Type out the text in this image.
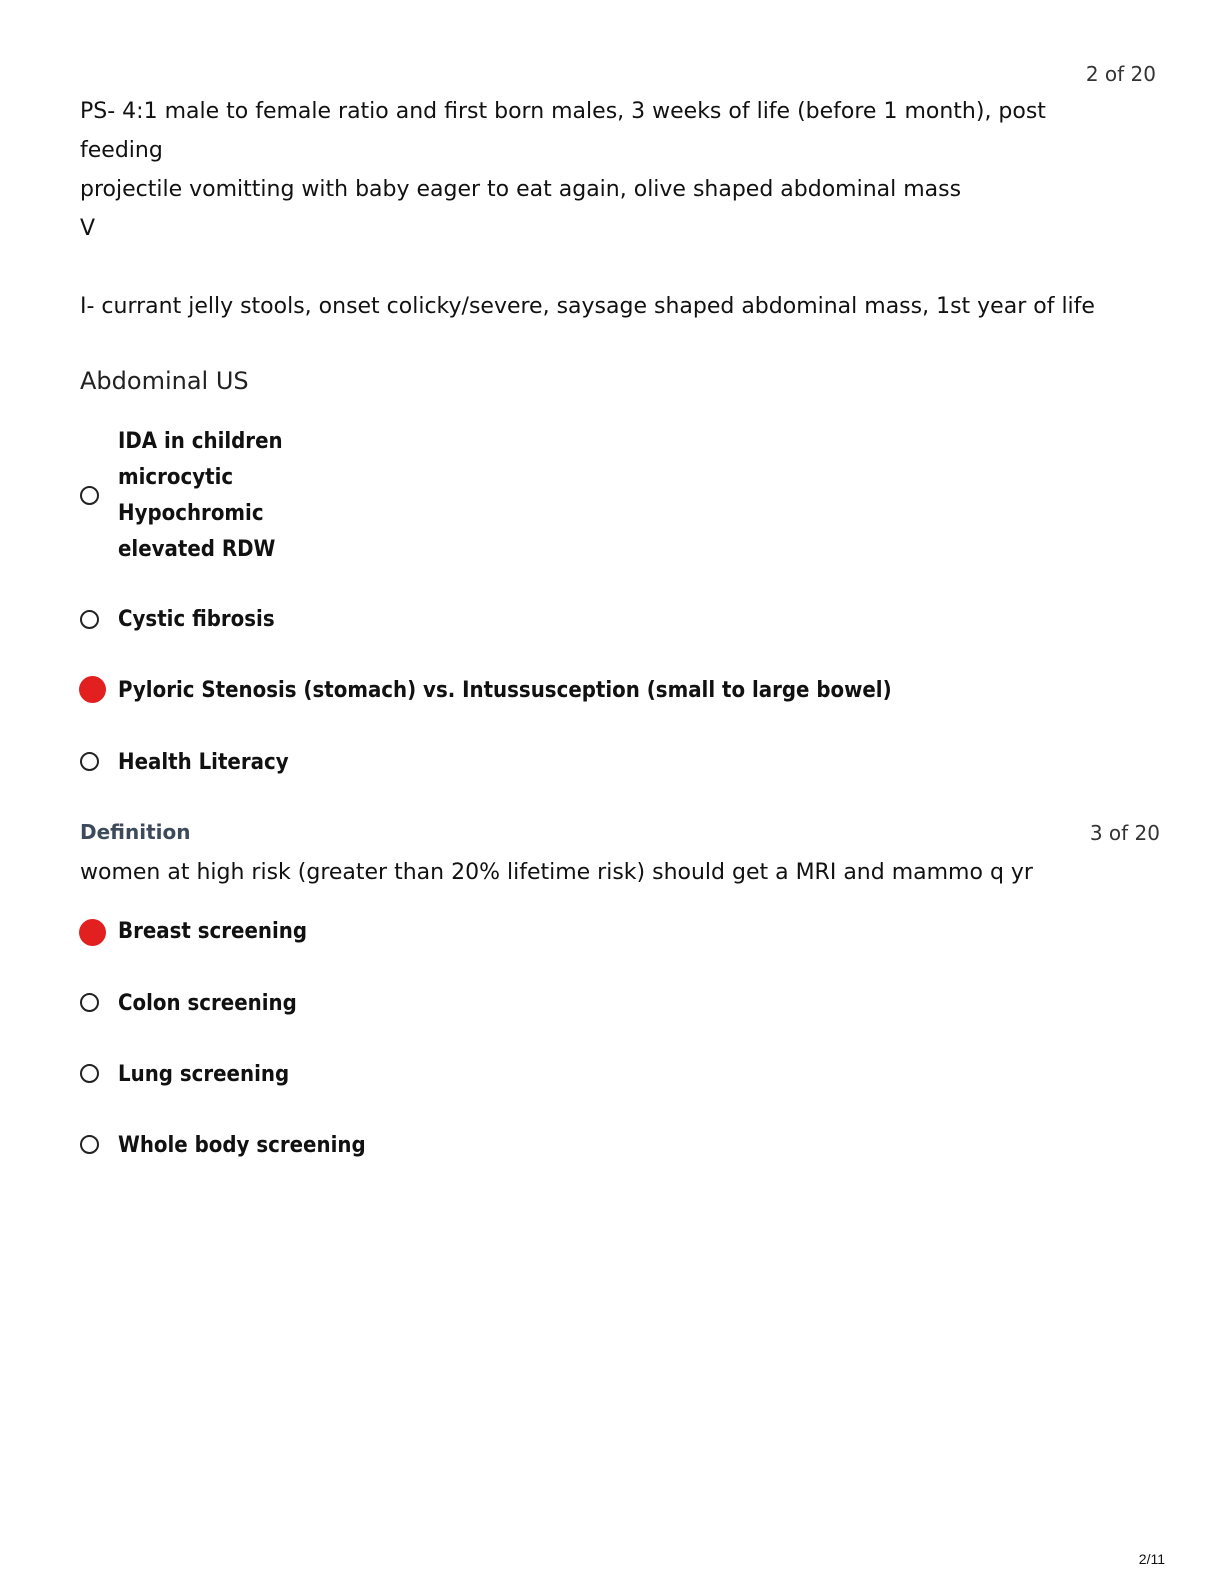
2 of 20
PS- 4:1 male to female ratio and first born males, 3 weeks of life (before 1 month), post feeding
projectile vomitting with baby eager to eat again, olive shaped abdominal mass
V
I- currant jelly stools, onset colicky/severe, saysage shaped abdominal mass, 1st year of life
Abdominal US
IDA in children
microcytic
Hypochromic
elevated RDW
Cystic fibrosis
Pyloric Stenosis (stomach) vs. Intussusception (small to large bowel)
Health Literacy
Definition	3 of 20
women at high risk (greater than 20% lifetime risk) should get a MRI and mammo q yr
Breast screening
Colon screening
Lung screening
Whole body screening
2/11
